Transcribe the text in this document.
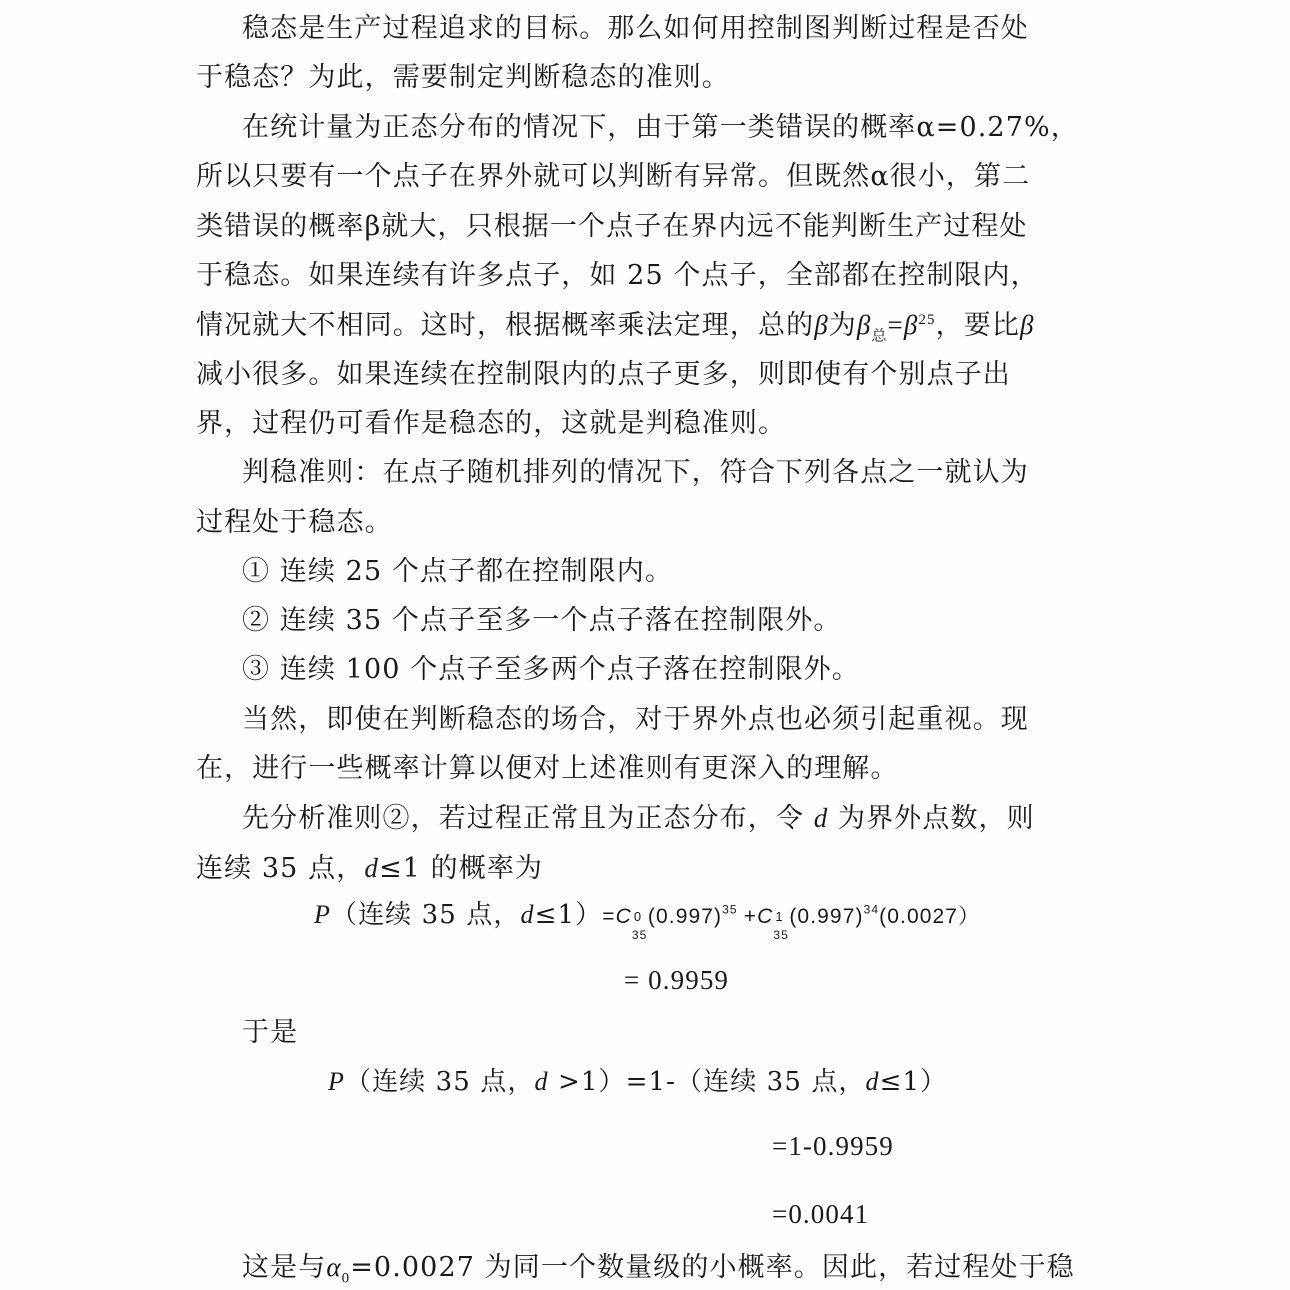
稳态是生产过程追求的目标。那么如何用控制图判断过程是否处
于稳态？为此，需要制定判断稳态的准则。
在统计量为正态分布的情况下，由于第一类错误的概率α=0.27%，
所以只要有一个点子在界外就可以判断有异常。但既然α很小，第二
类错误的概率β就大，只根据一个点子在界内远不能判断生产过程处
于稳态。如果连续有许多点子，如 25 个点子，全部都在控制限内，
情况就大不相同。这时，根据概率乘法定理，总的β为$\beta_总=\beta^{25}$，要比β
减小很多。如果连续在控制限内的点子更多，则即使有个别点子出
界，过程仍可看作是稳态的，这就是判稳准则。
判稳准则：在点子随机排列的情况下，符合下列各点之一就认为
过程处于稳态。
① 连续 25 个点子都在控制限内。
② 连续 35 个点子至多一个点子落在控制限外。
③ 连续 100 个点子至多两个点子落在控制限外。
当然，即使在判断稳态的场合，对于界外点也必须引起重视。现
在，进行一些概率计算以便对上述准则有更深入的理解。
先分析准则②，若过程正常且为正态分布，令 d 为界外点数，则
连续 35 点，d≤1 的概率为
P（连续 35 点，d≤1）=C 0
35
$(0.997)^{35} +C$ 1
35
$(0.997)^{34}(0.0027)$
= 0.9959
于是
P（连续 35 点，d >1）=1-（连续 35 点，d≤1）
=1-0.9959
=0.0041
这是与$\alpha_0=0.0027$ 为同一个数量级的小概率。因此，若过程处于稳
